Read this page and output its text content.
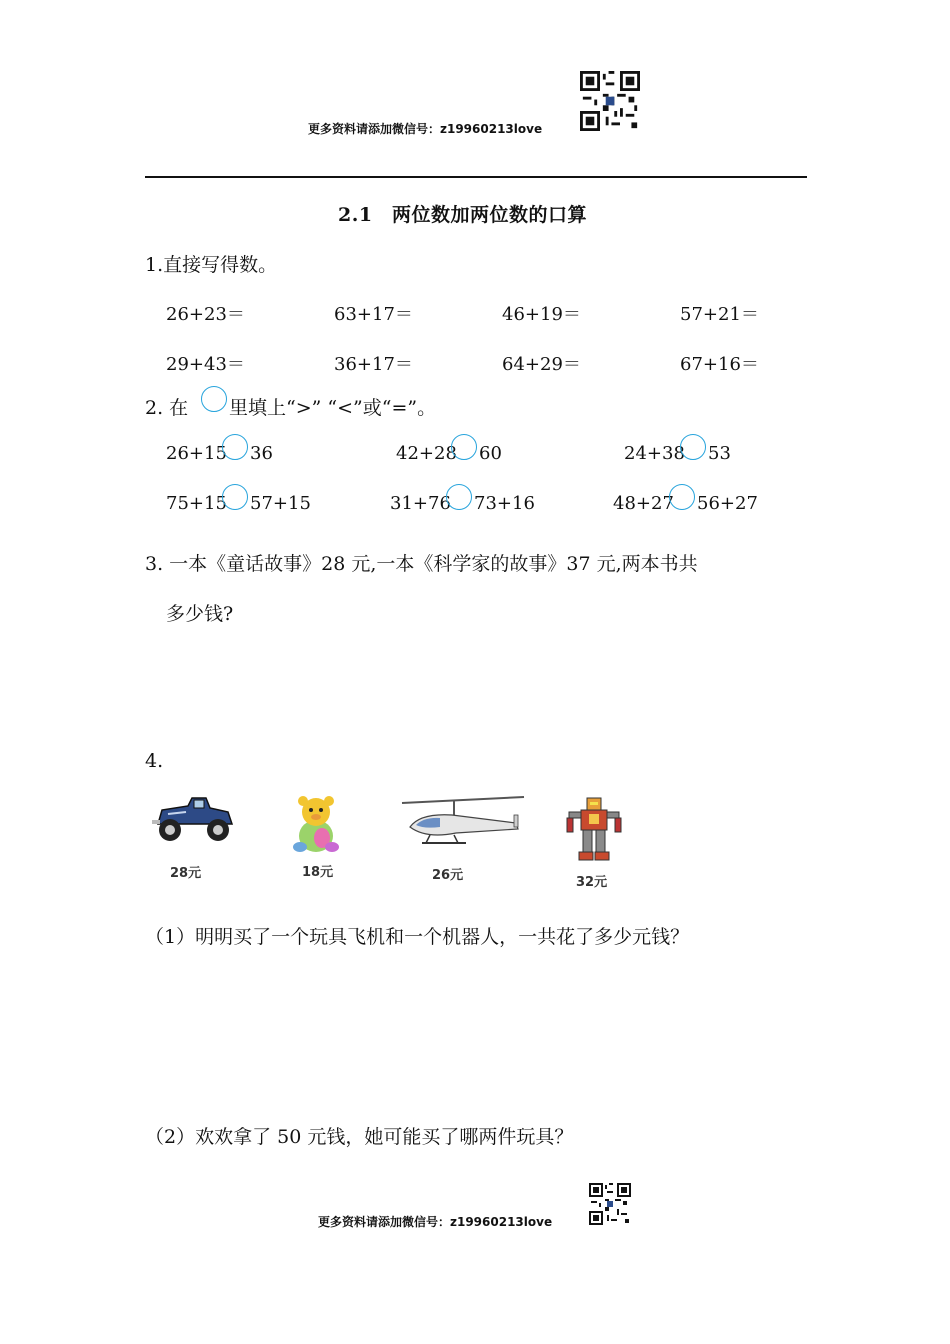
更多资料请添加微信号：z19960213love
2.1　两位数加两位数的口算
1.直接写得数。
26+23＝	63+17＝	46+19＝	57+21＝
29+43＝	36+17＝	64+29＝	67+16＝
2. 在 里填上“>” “<”或“=”。
26+15 36	42+28 60	24+38 53
75+15 57+15	31+76 73+16	48+27 56+27
3. 一本《童话故事》28 元,一本《科学家的故事》37 元,两本书共
多少钱?
4.
28元	18元	26元	32元
（1）明明买了一个玩具飞机和一个机器人，一共花了多少元钱？
（2）欢欢拿了 50 元钱，她可能买了哪两件玩具？
更多资料请添加微信号：z19960213love
